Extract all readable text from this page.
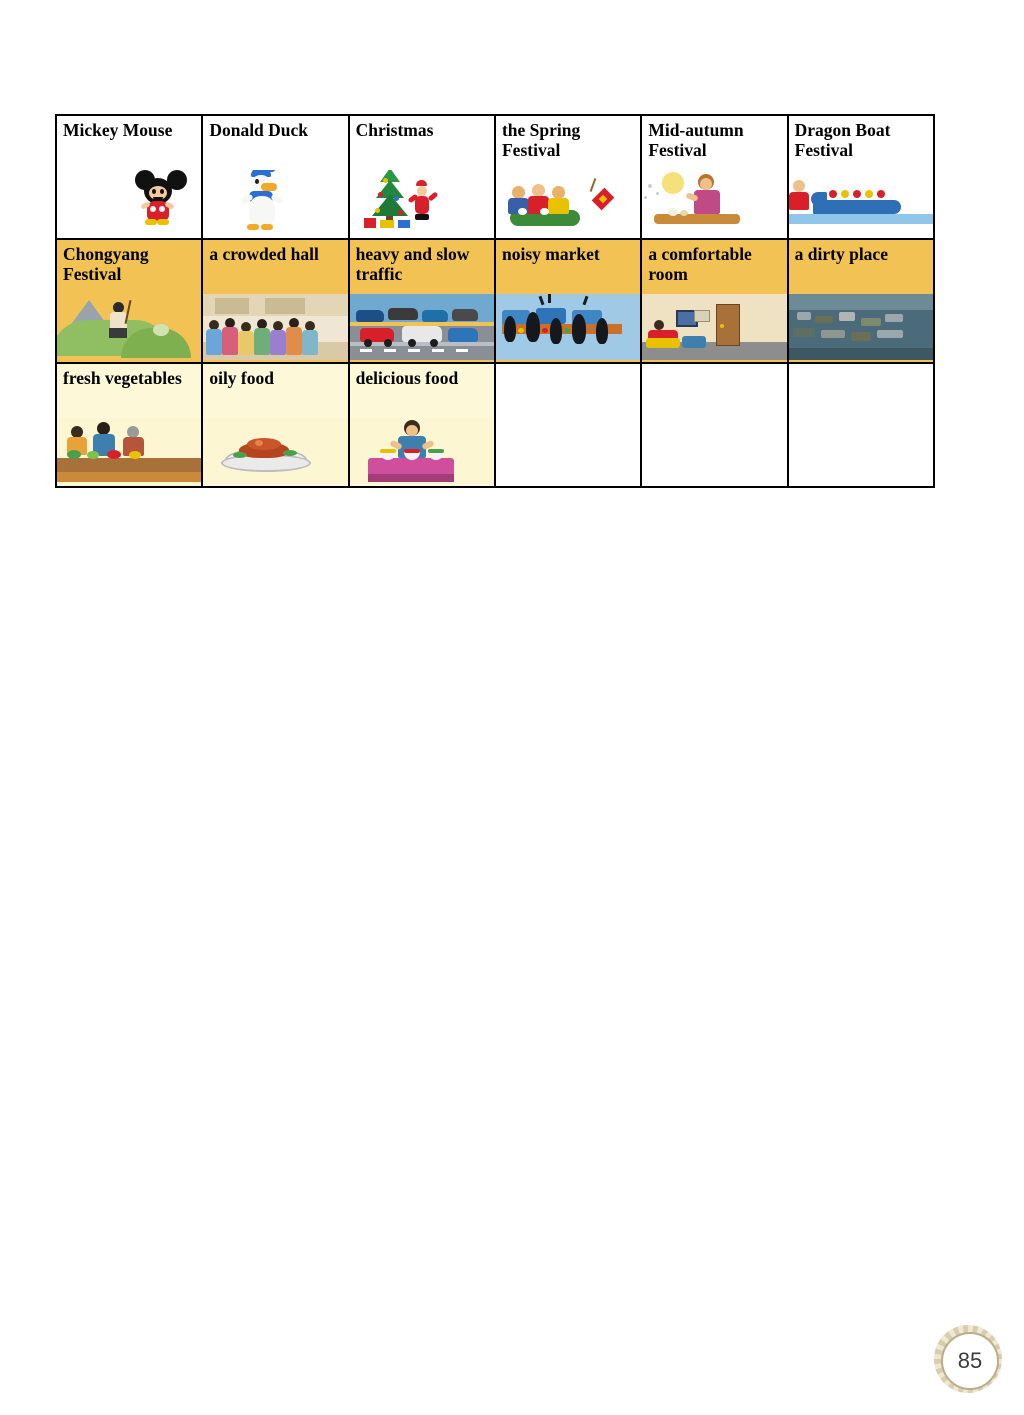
Mickey Mouse	Donald Duck	Christmas	the Spring Festival	Mid-autumn Festival	Dragon Boat Festival

Chongyang Festival	a crowded hall	heavy and slow traffic	noisy market	a comfortable room	a dirty place

fresh vegetables	oily food	delicious food			

85
